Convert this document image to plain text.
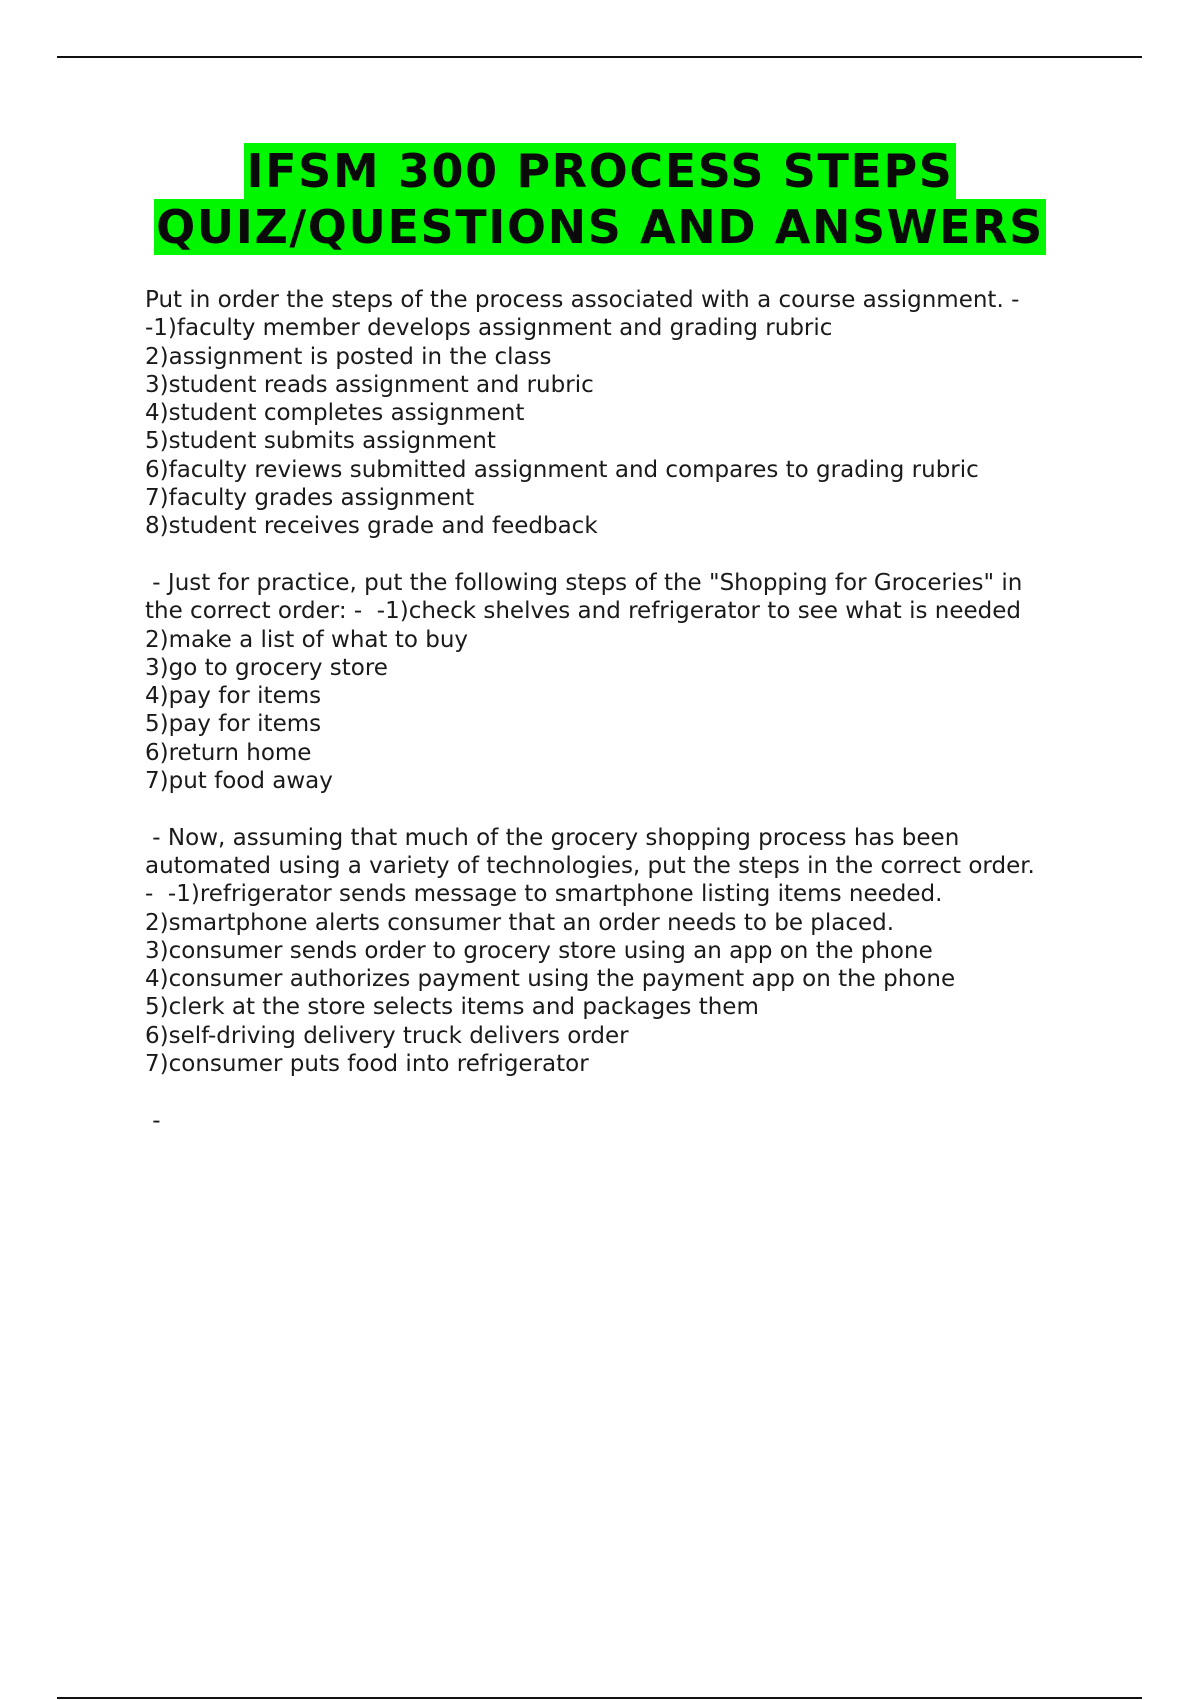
IFSM 300 PROCESS STEPS
QUIZ/QUESTIONS AND ANSWERS
Put in order the steps of the process associated with a course assignment. -
-1)faculty member develops assignment and grading rubric
2)assignment is posted in the class
3)student reads assignment and rubric
4)student completes assignment
5)student submits assignment
6)faculty reviews submitted assignment and compares to grading rubric
7)faculty grades assignment
8)student receives grade and feedback
- Just for practice, put the following steps of the "Shopping for Groceries" in
the correct order: -  -1)check shelves and refrigerator to see what is needed
2)make a list of what to buy
3)go to grocery store
4)pay for items
5)pay for items
6)return home
7)put food away
- Now, assuming that much of the grocery shopping process has been
automated using a variety of technologies, put the steps in the correct order.
-  -1)refrigerator sends message to smartphone listing items needed.
2)smartphone alerts consumer that an order needs to be placed.
3)consumer sends order to grocery store using an app on the phone
4)consumer authorizes payment using the payment app on the phone
5)clerk at the store selects items and packages them
6)self-driving delivery truck delivers order
7)consumer puts food into refrigerator
-
